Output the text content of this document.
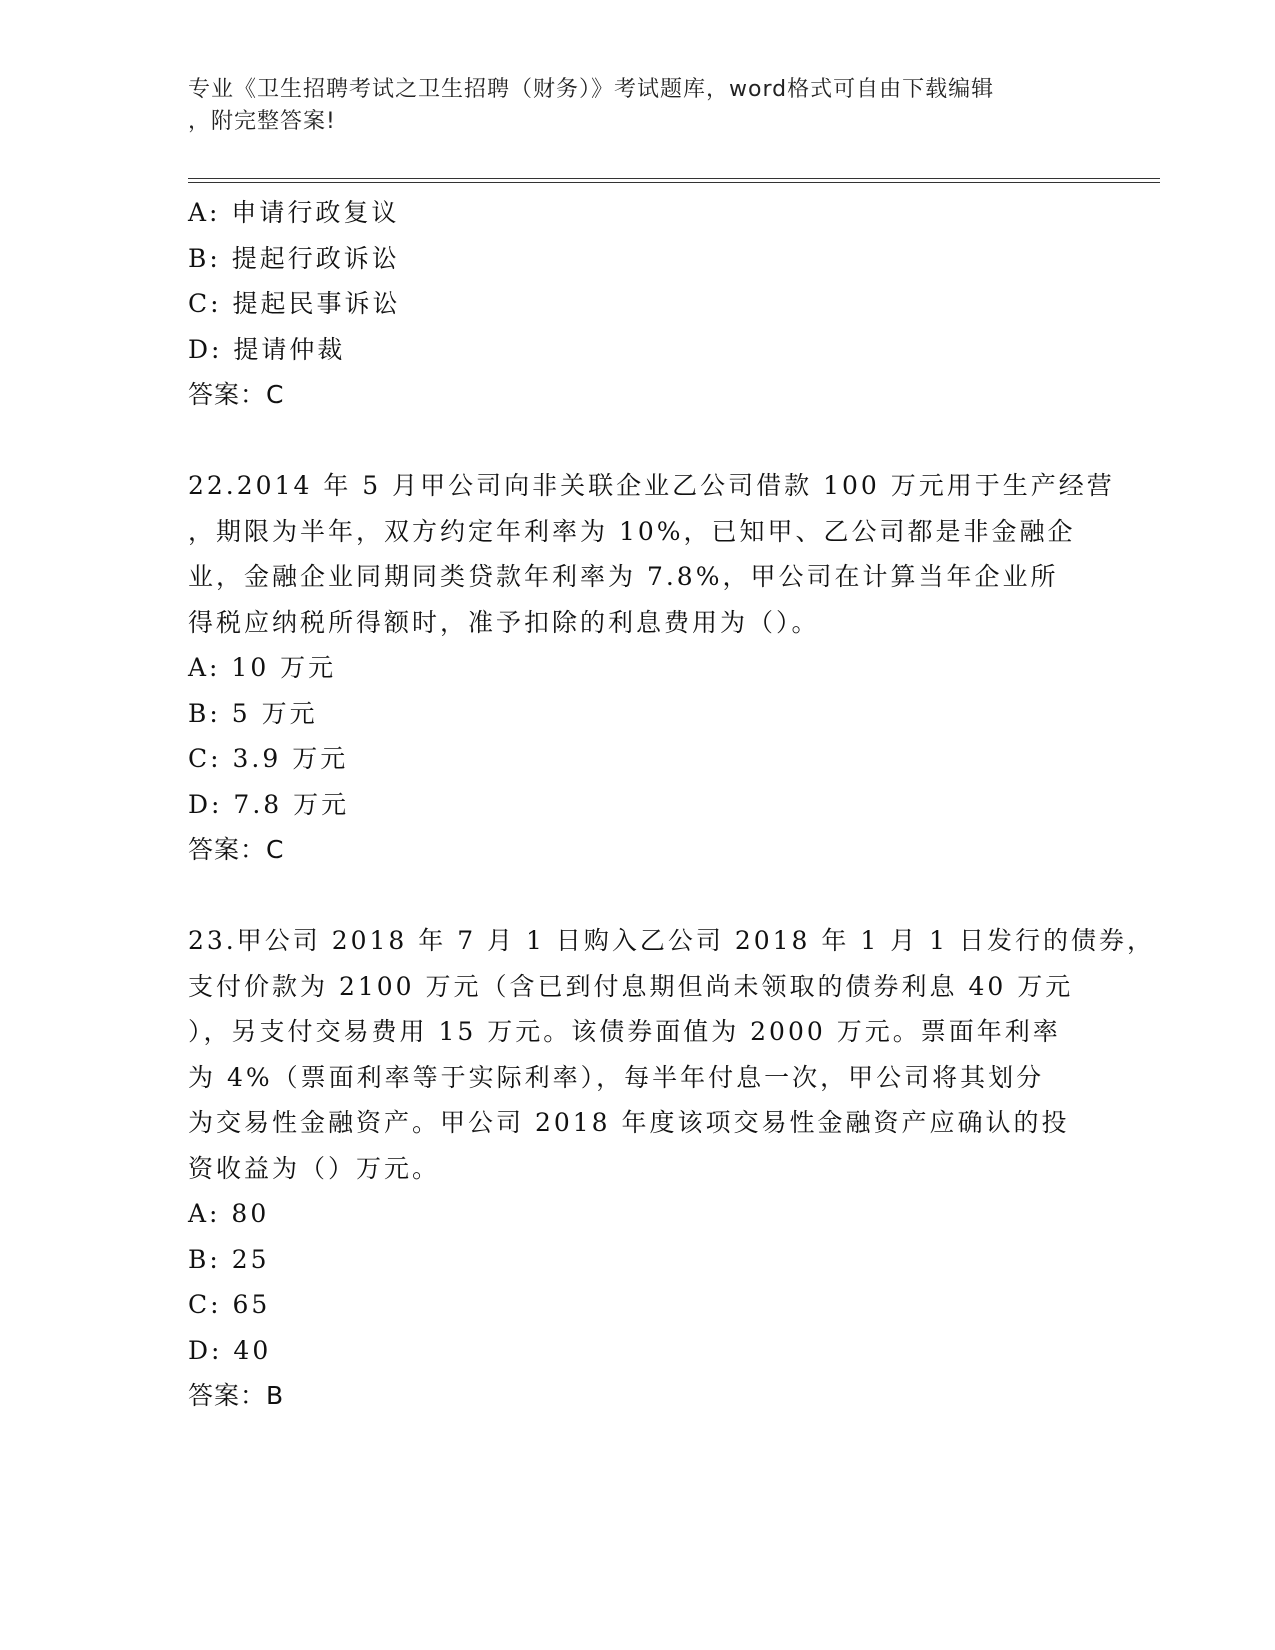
专业《卫生招聘考试之卫生招聘（财务）》考试题库，word格式可自由下载编辑
，附完整答案!
A: 申请行政复议
B: 提起行政诉讼
C: 提起民事诉讼
D: 提请仲裁
答案：C
22.2014 年 5 月甲公司向非关联企业乙公司借款 100 万元用于生产经营
，期限为半年，双方约定年利率为 10%，已知甲、乙公司都是非金融企
业，金融企业同期同类贷款年利率为 7.8%，甲公司在计算当年企业所
得税应纳税所得额时，准予扣除的利息费用为（）。
A: 10 万元
B: 5 万元
C: 3.9 万元
D: 7.8 万元
答案：C
23.甲公司 2018 年 7 月 1 日购入乙公司 2018 年 1 月 1 日发行的债券，
支付价款为 2100 万元（含已到付息期但尚未领取的债券利息 40 万元
），另支付交易费用 15 万元。该债券面值为 2000 万元。票面年利率
为 4%（票面利率等于实际利率），每半年付息一次，甲公司将其划分
为交易性金融资产。甲公司 2018 年度该项交易性金融资产应确认的投
资收益为（）万元。
A: 80
B: 25
C: 65
D: 40
答案：B
